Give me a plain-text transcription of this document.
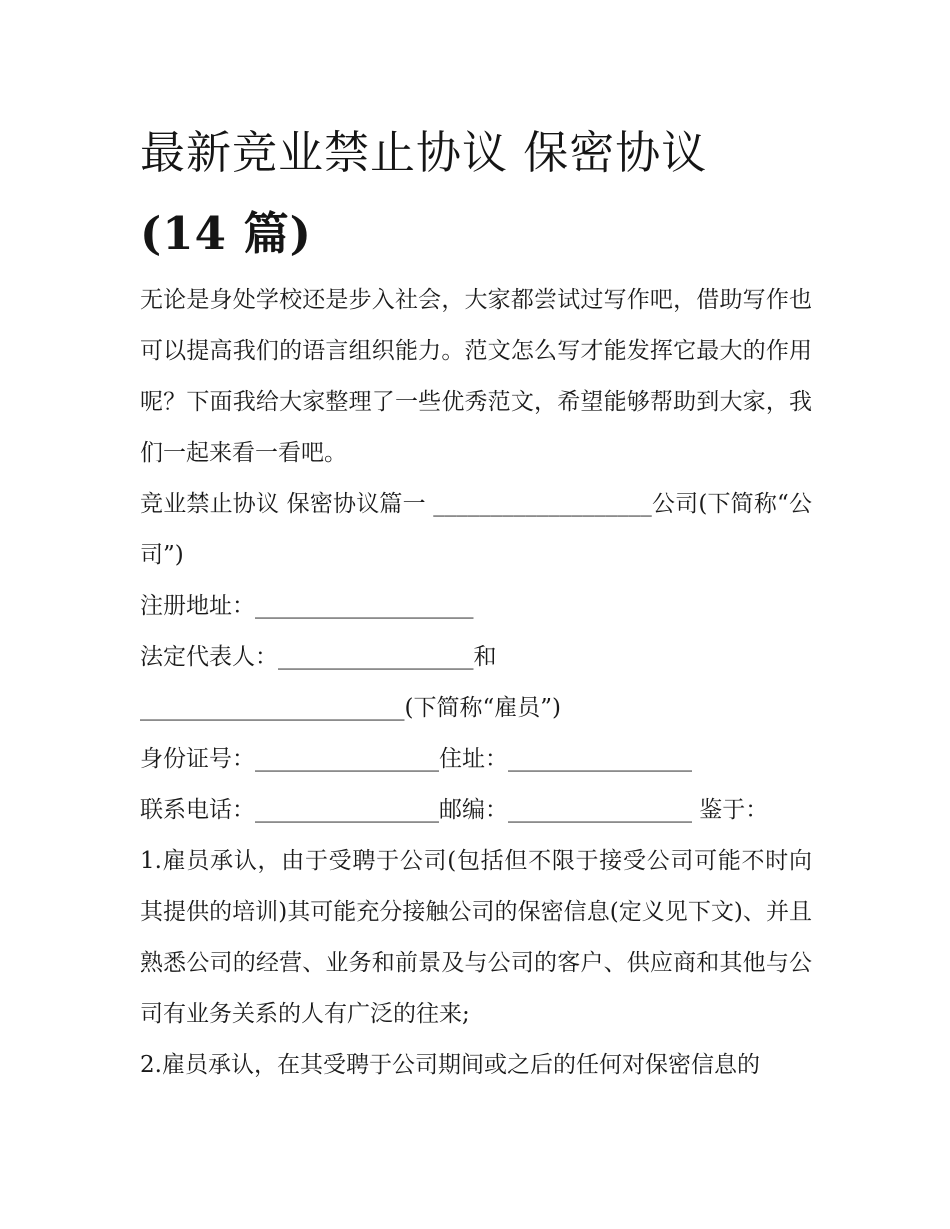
最新竞业禁止协议 保密协议
(14 篇)

无论是身处学校还是步入社会，大家都尝试过写作吧，借助写作也可以提高我们的语言组织能力。范文怎么写才能发挥它最大的作用呢？下面我给大家整理了一些优秀范文，希望能够帮助到大家，我们一起来看一看吧。

竞业禁止协议 保密协议篇一 ___________________公司(下简称“公司”)

注册地址：___________________

法定代表人：_________________和

_______________________(下简称“雇员”)

身份证号：________________住址：________________

联系电话：________________邮编：________________ 鉴于：

1.雇员承认，由于受聘于公司(包括但不限于接受公司可能不时向其提供的培训)其可能充分接触公司的保密信息(定义见下文)、并且熟悉公司的经营、业务和前景及与公司的客户、供应商和其他与公司有业务关系的人有广泛的往来;

2.雇员承认，在其受聘于公司期间或之后的任何对保密信息的
